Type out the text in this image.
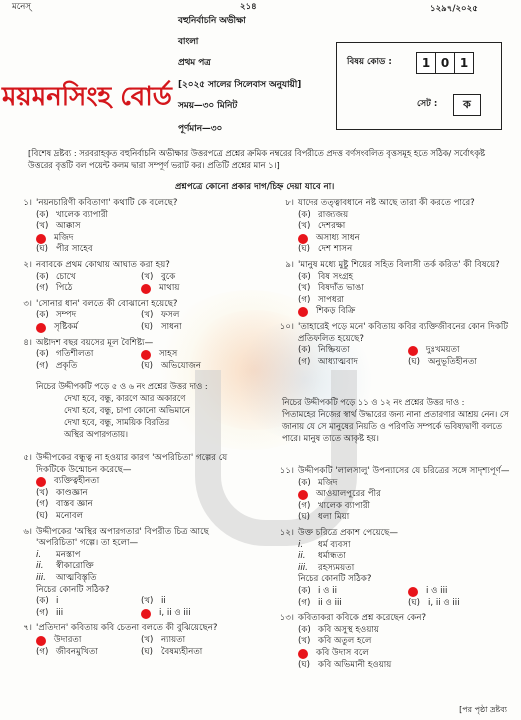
মনেস্	২১৪	১২৯৭/২০২৫
বহুনির্বাচনি অভীক্ষা
বাংলা
প্রথম পত্র
[২০২৫ সালের সিলেবাস অনুযায়ী]
সময়—৩০ মিনিট
পূর্ণমান—৩০
ময়মনসিংহ বোর্ড
বিষয় কোড :	1 0 1
সেট :	ক
[বিশেষ দ্রষ্টব্য : সরবরাহকৃত বহুনির্বাচনি অভীক্ষার উত্তরপত্রে প্রশ্নের ক্রমিক নম্বরের বিপরীতে প্রদত্ত বর্ণসংবলিত বৃত্তসমূহ হতে সঠিক/ সর্বোৎকৃষ্ট উত্তরের বৃত্তটি বল পয়েন্ট কলম দ্বারা সম্পূর্ণ ভরাট কর। প্রতিটি প্রশ্নের মান ১।]
প্রশ্নপত্রে কোনো প্রকার দাগ/চিহ্ন দেয়া যাবে না।
১। 'নয়নচারিণী কবিতাণা' কথাটি কে বলেছে?
(ক) খালেক ব্যাপারী
(খ) আক্কাস
মজিদ
(ঘ) পীর সাহেব
২। নবাবকে প্রথম কোথায় আঘাত করা হয়?
(ক) চোখে	(খ) বুকে
(গ) পিঠে	মাথায়
৩। 'সোনার ধান' বলতে কী বোঝানো হয়েছে?
(ক) সম্পদ	(খ) ফসল
সৃষ্টিকর্ম	(ঘ) সাধনা
৪। অষ্টাদশ বছর বয়সের মূল বৈশিষ্ট্য—
(ক) গতিশীলতা	সাহস
(গ) প্রকৃতি	(ঘ) অভিযোজন
নিচের উদ্দীপকটি পড়ে ৫ ও ৬ নং প্রশ্নের উত্তর দাও :
দেখা হবে, বন্ধু, কারণে আর অকারণে
দেখা হবে, বন্ধু, চাপা কোনো অভিমানে
দেখা হবে, বন্ধু, সাময়িক বিরতির
অস্থির অপারগতায়।
৫। উদ্দীপকের বন্ধুত্ব না হওয়ার কারণ 'অপরিচিতা' গল্পের যে দিকটিকে উন্মোচন করেছে—
ব্যক্তিত্বহীনতা
(খ) কাণ্ডজ্ঞান
(গ) বাস্তব জ্ঞান
(ঘ) মনোবল
৬। উদ্দীপকের 'অস্থির অপারগতার' বিপরীত চিত্র আছে 'অপরিচিতা' গল্পে। তা হলো—
i.	মনস্তাপ
ii.	স্বীকারোক্তি
iii.	আত্মবিস্তৃতি
নিচের কোনটি সঠিক?
(ক) i	(খ) ii
(গ) iii	i, ii ও iii
৭। 'প্রতিদান' কবিতায় কবি চেতনা বলতে কী বুঝিয়েছেন?
উদারতা	(খ) ন্যায়তা
(গ) জীবনমুখিতা	(ঘ) বৈষম্যহীনতা
৮। যাদের তত্ত্বাবধানে নষ্ট আছে তারা কী করতে পারে?
(ক) রাজ্যজয়
(খ) দেশরক্ষা
অসাধ্য সাধন
(ঘ) দেশ শাসন
৯। 'মানুষ মধ্যে মুষ্টু শিয়ের সহিত বিলাসী তর্ক করিত' কী বিষয়ে?
(ক) বিষ সংগ্রহ
(খ) বিষদাঁত ভাঙা
(গ) সাপধরা
শিকড় বিক্রি
১০। 'তাহারেই পড়ে মনে' কবিতায় কবির ব্যক্তিজীবনের কোন দিকটি প্রতিফলিত হয়েছে?
(ক) নিষ্ক্রিয়তা	দুঃখময়তা
(গ) আধ্যাত্মবাদ	(ঘ) অনুভূতিহীনতা
নিচের উদ্দীপকটি পড়ে ১১ ও ১২ নং প্রশ্নের উত্তর দাও :
পিতামহের নিজের স্বার্থ উদ্ধারের জন্য নানা প্রতারণার আশ্রয় নেন। সে জানায় যে সে মানুষের নিয়তি ও পরিণতি সম্পর্কে ভবিষ্যদ্বাণী বলতে পারে। মানুষ তাতে আকৃষ্ট হয়।
১১। উদ্দীপকটি 'লালসালু' উপন্যাসের যে চরিত্রের সঙ্গে সাদৃশ্যপূর্ণ—
(ক) মজিদ
আওয়ালপুরের পীর
(গ) খালেক ব্যাপারী
(ঘ) ধলা মিয়া
১২। উক্ত চরিত্রে প্রকাশ পেয়েছে—
i.	ধর্ম ব্যবসা
ii.	ধর্মান্ধতা
iii.	রহস্যময়তা
নিচের কোনটি সঠিক?
(ক) i ও ii	i ও iii
(গ) ii ও iii	(ঘ) i, ii ও iii
১৩। কবিতাকরা কবিকে প্রশ্ন করেছেন কেন?
(ক) কবি অসুস্থ হওয়ায়
(খ) কবি অতুল হলে
কবি উদাস বলে
(ঘ) কবি অভিমানী হওয়ায়
[পর পৃষ্ঠা দ্রষ্টব্য
